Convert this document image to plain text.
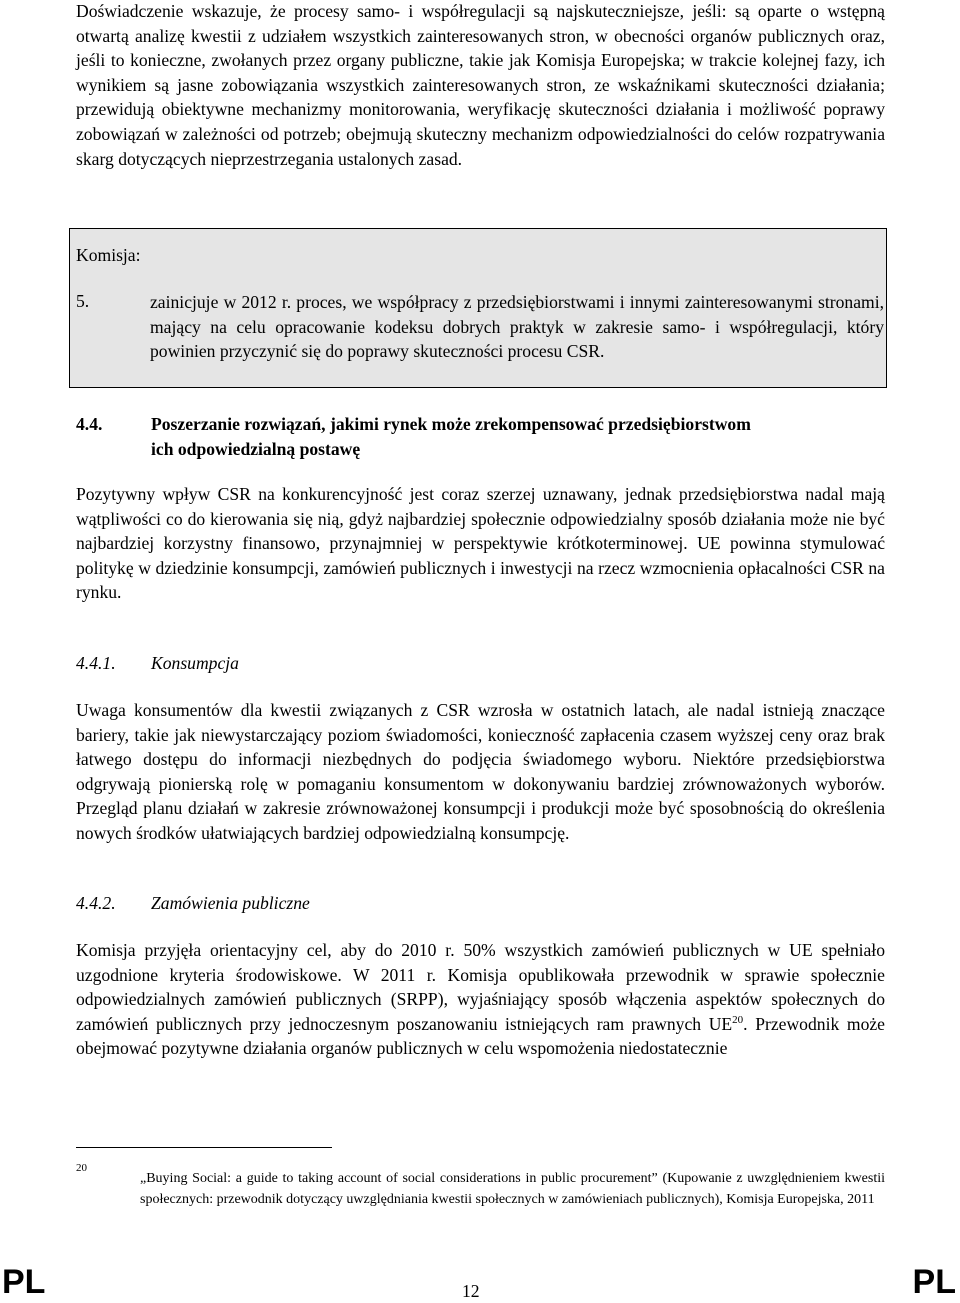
Doświadczenie wskazuje, że procesy samo- i współregulacji są najskuteczniejsze, jeśli: są oparte o wstępną otwartą analizę kwestii z udziałem wszystkich zainteresowanych stron, w obecności organów publicznych oraz, jeśli to konieczne, zwołanych przez organy publiczne, takie jak Komisja Europejska; w trakcie kolejnej fazy, ich wynikiem są jasne zobowiązania wszystkich zainteresowanych stron, ze wskaźnikami skuteczności działania; przewidują obiektywne mechanizmy monitorowania, weryfikację skuteczności działania i możliwość poprawy zobowiązań w zależności od potrzeb; obejmują skuteczny mechanizm odpowiedzialności do celów rozpatrywania skarg dotyczących nieprzestrzegania ustalonych zasad.

Komisja:

5.	zainicjuje w 2012 r. proces, we współpracy z przedsiębiorstwami i innymi zainteresowanymi stronami, mający na celu opracowanie kodeksu dobrych praktyk w zakresie samo- i współregulacji, który powinien przyczynić się do poprawy skuteczności procesu CSR.

4.4.	Poszerzanie rozwiązań, jakimi rynek może zrekompensować przedsiębiorstwom
ich odpowiedzialną postawę

Pozytywny wpływ CSR na konkurencyjność jest coraz szerzej uznawany, jednak przedsiębiorstwa nadal mają wątpliwości co do kierowania się nią, gdyż najbardziej społecznie odpowiedzialny sposób działania może nie być najbardziej korzystny finansowo, przynajmniej w perspektywie krótkoterminowej. UE powinna stymulować politykę w dziedzinie konsumpcji, zamówień publicznych i inwestycji na rzecz wzmocnienia opłacalności CSR na rynku.

4.4.1. Konsumpcja

Uwaga konsumentów dla kwestii związanych z CSR wzrosła w ostatnich latach, ale nadal istnieją znaczące bariery, takie jak niewystarczający poziom świadomości, konieczność zapłacenia czasem wyższej ceny oraz brak łatwego dostępu do informacji niezbędnych do podjęcia świadomego wyboru. Niektóre przedsiębiorstwa odgrywają pionierską rolę w pomaganiu konsumentom w dokonywaniu bardziej zrównoważonych wyborów. Przegląd planu działań w zakresie zrównoważonej konsumpcji i produkcji może być sposobnością do określenia nowych środków ułatwiających bardziej odpowiedzialną konsumpcję.

4.4.2. Zamówienia publiczne

Komisja przyjęła orientacyjny cel, aby do 2010 r. 50% wszystkich zamówień publicznych w UE spełniało uzgodnione kryteria środowiskowe. W 2011 r. Komisja opublikowała przewodnik w sprawie społecznie odpowiedzialnych zamówień publicznych (SRPP), wyjaśniający sposób włączenia aspektów społecznych do zamówień publicznych przy jednoczesnym poszanowaniu istniejących ram prawnych UE$^{20}$. Przewodnik może obejmować pozytywne działania organów publicznych w celu wspomożenia niedostatecznie

20

„Buying Social: a guide to taking account of social considerations in public procurement” (Kupowanie z uwzględnieniem kwestii społecznych: przewodnik dotyczący uwzględniania kwestii społecznych w zamówieniach publicznych), Komisja Europejska, 2011

PL	12	PL
